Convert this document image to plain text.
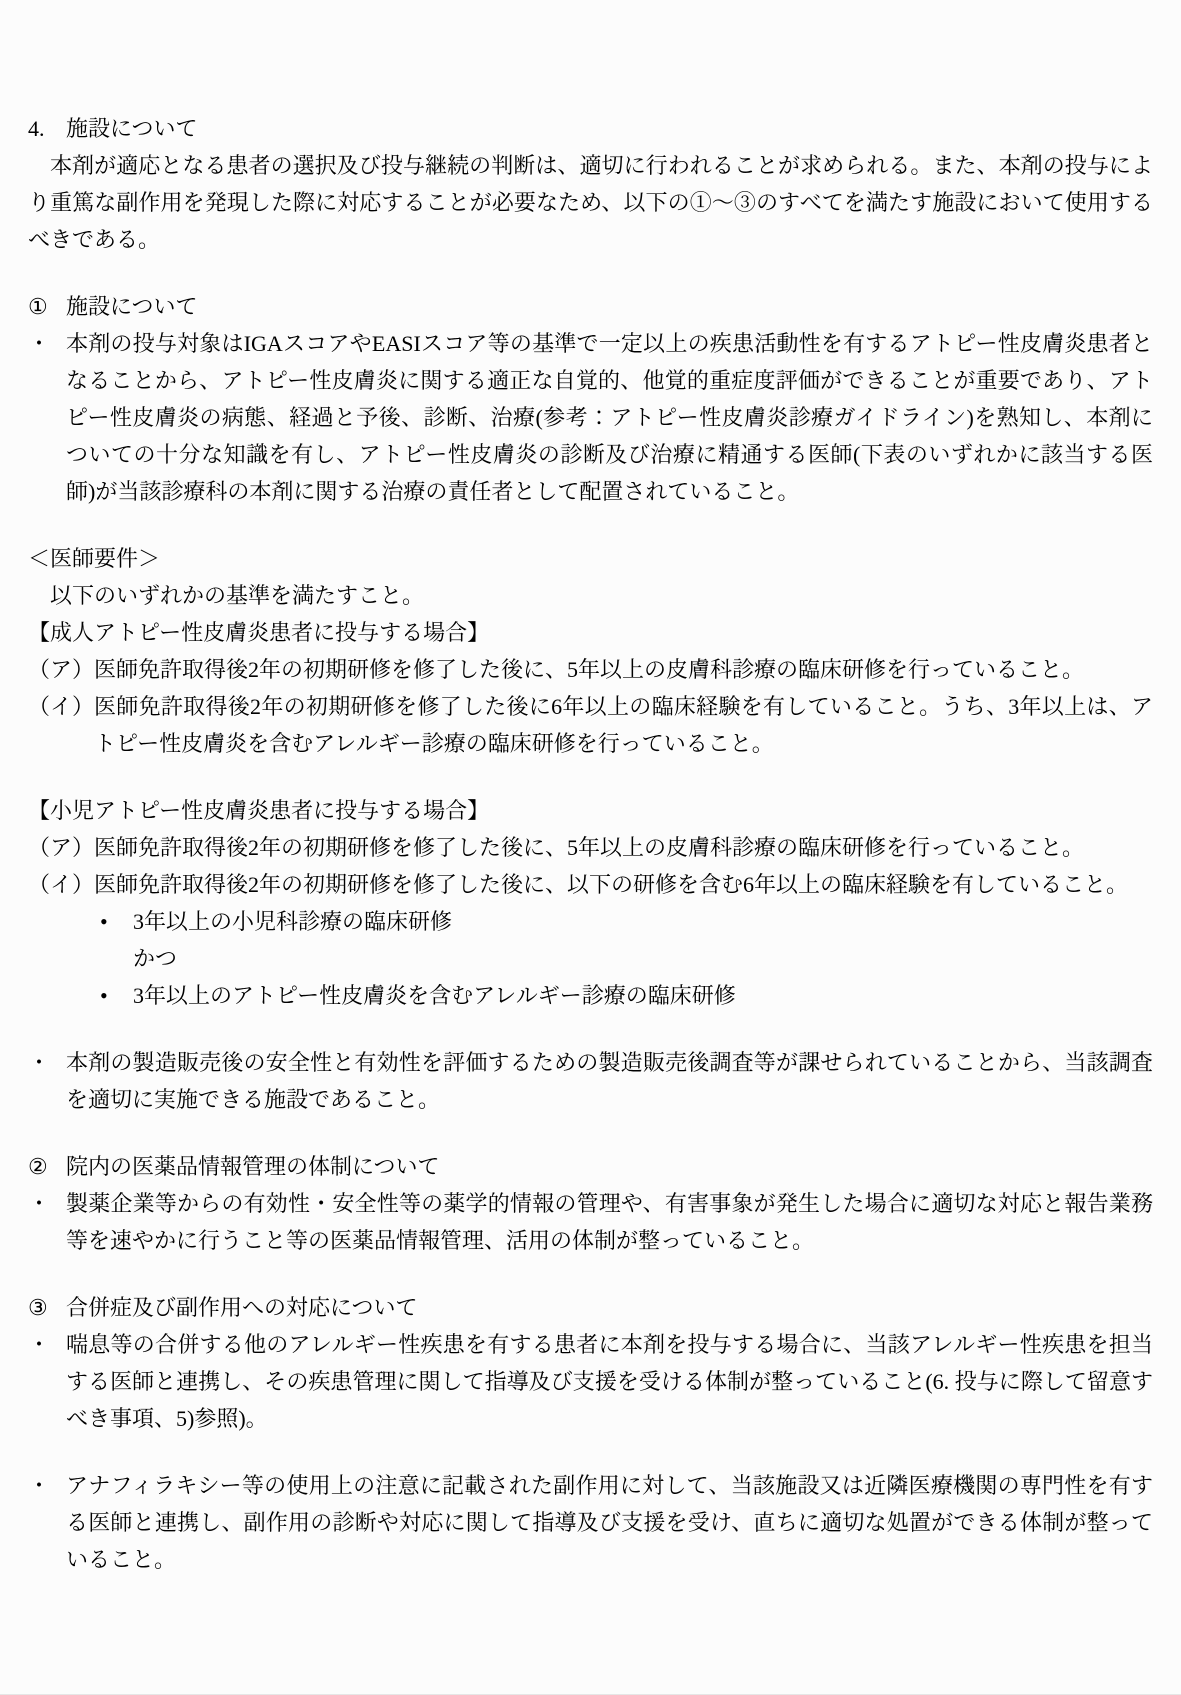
4. 施設について
本剤が適応となる患者の選択及び投与継続の判断は、適切に行われることが求められる。また、本剤の投与により重篤な副作用を発現した際に対応することが必要なため、以下の①～③のすべてを満たす施設において使用するべきである。
① 施設について
・ 本剤の投与対象はIGAスコアやEASIスコア等の基準で一定以上の疾患活動性を有するアトピー性皮膚炎患者となることから、アトピー性皮膚炎に関する適正な自覚的、他覚的重症度評価ができることが重要であり、アトピー性皮膚炎の病態、経過と予後、診断、治療(参考：アトピー性皮膚炎診療ガイドライン)を熟知し、本剤についての十分な知識を有し、アトピー性皮膚炎の診断及び治療に精通する医師(下表のいずれかに該当する医師)が当該診療科の本剤に関する治療の責任者として配置されていること。
＜医師要件＞
以下のいずれかの基準を満たすこと。
【成人アトピー性皮膚炎患者に投与する場合】
（ア） 医師免許取得後2年の初期研修を修了した後に、5年以上の皮膚科診療の臨床研修を行っていること。
（イ） 医師免許取得後2年の初期研修を修了した後に6年以上の臨床経験を有していること。うち、3年以上は、アトピー性皮膚炎を含むアレルギー診療の臨床研修を行っていること。
【小児アトピー性皮膚炎患者に投与する場合】
（ア） 医師免許取得後2年の初期研修を修了した後に、5年以上の皮膚科診療の臨床研修を行っていること。
（イ） 医師免許取得後2年の初期研修を修了した後に、以下の研修を含む6年以上の臨床経験を有していること。
•	3年以上の小児科診療の臨床研修
かつ
•	3年以上のアトピー性皮膚炎を含むアレルギー診療の臨床研修
・ 本剤の製造販売後の安全性と有効性を評価するための製造販売後調査等が課せられていることから、当該調査を適切に実施できる施設であること。
② 院内の医薬品情報管理の体制について
・ 製薬企業等からの有効性・安全性等の薬学的情報の管理や、有害事象が発生した場合に適切な対応と報告業務等を速やかに行うこと等の医薬品情報管理、活用の体制が整っていること。
③ 合併症及び副作用への対応について
・ 喘息等の合併する他のアレルギー性疾患を有する患者に本剤を投与する場合に、当該アレルギー性疾患を担当する医師と連携し、その疾患管理に関して指導及び支援を受ける体制が整っていること(6. 投与に際して留意すべき事項、5)参照)。
・ アナフィラキシー等の使用上の注意に記載された副作用に対して、当該施設又は近隣医療機関の専門性を有する医師と連携し、副作用の診断や対応に関して指導及び支援を受け、直ちに適切な処置ができる体制が整っていること。
